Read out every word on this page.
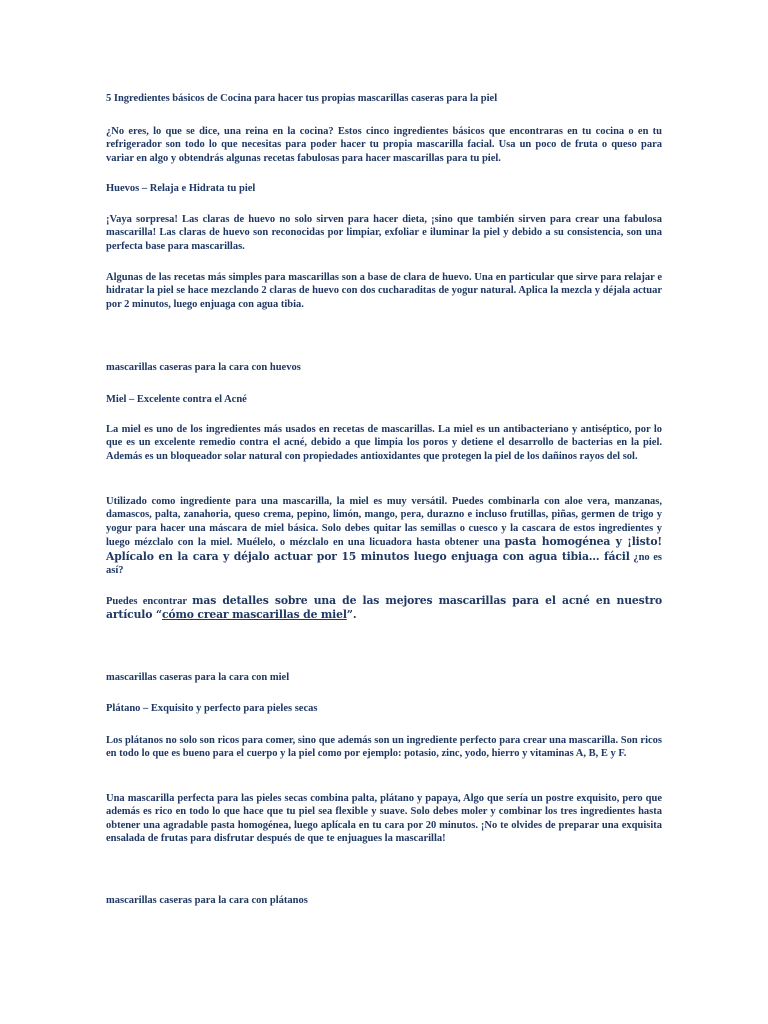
5 Ingredientes básicos de Cocina para hacer tus propias mascarillas caseras para la piel

¿No eres, lo que se dice, una reina en la cocina? Estos cinco ingredientes básicos que encontraras en tu cocina o en tu refrigerador son todo lo que necesitas para poder hacer tu propia mascarilla facial. Usa un poco de fruta o queso para variar en algo y obtendrás algunas recetas fabulosas para hacer mascarillas para tu piel.

Huevos – Relaja e Hidrata tu piel

¡Vaya sorpresa! Las claras de huevo no solo sirven para hacer dieta, ¡sino que también sirven para crear una fabulosa mascarilla! Las claras de huevo son reconocidas por limpiar, exfoliar e iluminar la piel y debido a su consistencia, son una perfecta base para mascarillas.

Algunas de las recetas más simples para mascarillas son a base de clara de huevo. Una en particular que sirve para relajar e hidratar la piel se hace mezclando 2 claras de huevo con dos cucharaditas de yogur natural. Aplica la mezcla y déjala actuar por 2 minutos, luego enjuaga con agua tibia.

mascarillas caseras para la cara con huevos

Miel – Excelente contra el Acné

La miel es uno de los ingredientes más usados en recetas de mascarillas. La miel es un antibacteriano y antiséptico, por lo que es un excelente remedio contra el acné, debido a que limpia los poros y detiene el desarrollo de bacterias en la piel. Además es un bloqueador solar natural con propiedades antioxidantes que protegen la piel de los dañinos rayos del sol.

Utilizado como ingrediente para una mascarilla, la miel es muy versátil. Puedes combinarla con aloe vera, manzanas, damascos, palta, zanahoria, queso crema, pepino, limón, mango, pera, durazno e incluso frutillas, piñas, germen de trigo y yogur para hacer una máscara de miel básica. Solo debes quitar las semillas o cuesco y la cascara de estos ingredientes y luego mézclalo con la miel. Muélelo, o mézclalo en una licuadora hasta obtener una pasta homogénea y ¡listo! Aplícalo en la cara y déjalo actuar por 15 minutos luego enjuaga con agua tibia… fácil ¿no es así?
Puedes encontrar mas detalles sobre una de las mejores mascarillas para el acné en nuestro artículo “cómo crear mascarillas de miel”.

mascarillas caseras para la cara con miel

Plátano – Exquisito y perfecto para pieles secas

Los plátanos no solo son ricos para comer, sino que además son un ingrediente perfecto para crear una mascarilla. Son ricos en todo lo que es bueno para el cuerpo y la piel como por ejemplo: potasio, zinc, yodo, hierro y vitaminas A, B, E y F.

Una mascarilla perfecta para las pieles secas combina palta, plátano y papaya, Algo que sería un postre exquisito, pero que además es rico en todo lo que hace que tu piel sea flexible y suave. Solo debes moler y combinar los tres ingredientes hasta obtener una agradable pasta homogénea, luego aplícala en tu cara por 20 minutos. ¡No te olvides de preparar una exquisita ensalada de frutas para disfrutar después de que te enjuagues la mascarilla!

mascarillas caseras para la cara con plátanos
